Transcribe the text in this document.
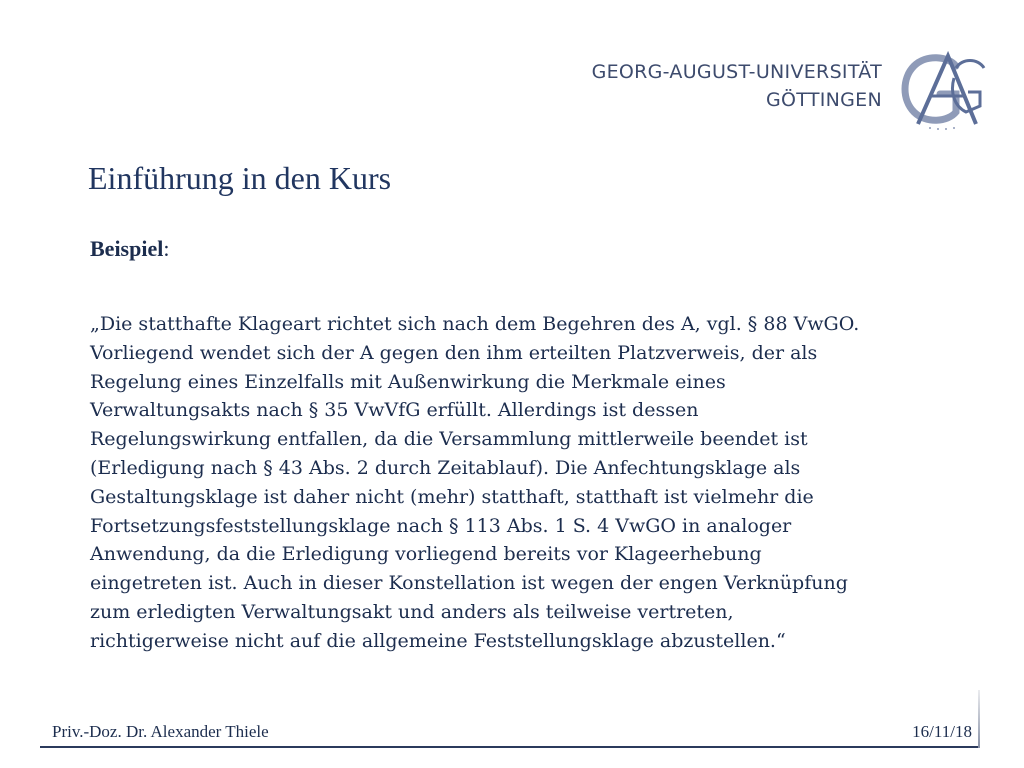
GEORG-AUGUST-UNIVERSITÄT
GÖTTINGEN
Einführung in den Kurs
Beispiel:
„Die statthafte Klageart richtet sich nach dem Begehren des A, vgl. § 88 VwGO.
Vorliegend wendet sich der A gegen den ihm erteilten Platzverweis, der als
Regelung eines Einzelfalls mit Außenwirkung die Merkmale eines
Verwaltungsakts nach § 35 VwVfG erfüllt. Allerdings ist dessen
Regelungswirkung entfallen, da die Versammlung mittlerweile beendet ist
(Erledigung nach § 43 Abs. 2 durch Zeitablauf). Die Anfechtungsklage als
Gestaltungsklage ist daher nicht (mehr) statthaft, statthaft ist vielmehr die
Fortsetzungsfeststellungsklage nach § 113 Abs. 1 S. 4 VwGO in analoger
Anwendung, da die Erledigung vorliegend bereits vor Klageerhebung
eingetreten ist. Auch in dieser Konstellation ist wegen der engen Verknüpfung
zum erledigten Verwaltungsakt und anders als teilweise vertreten,
richtigerweise nicht auf die allgemeine Feststellungsklage abzustellen.“
Priv.-Doz. Dr. Alexander Thiele	16/11/18
